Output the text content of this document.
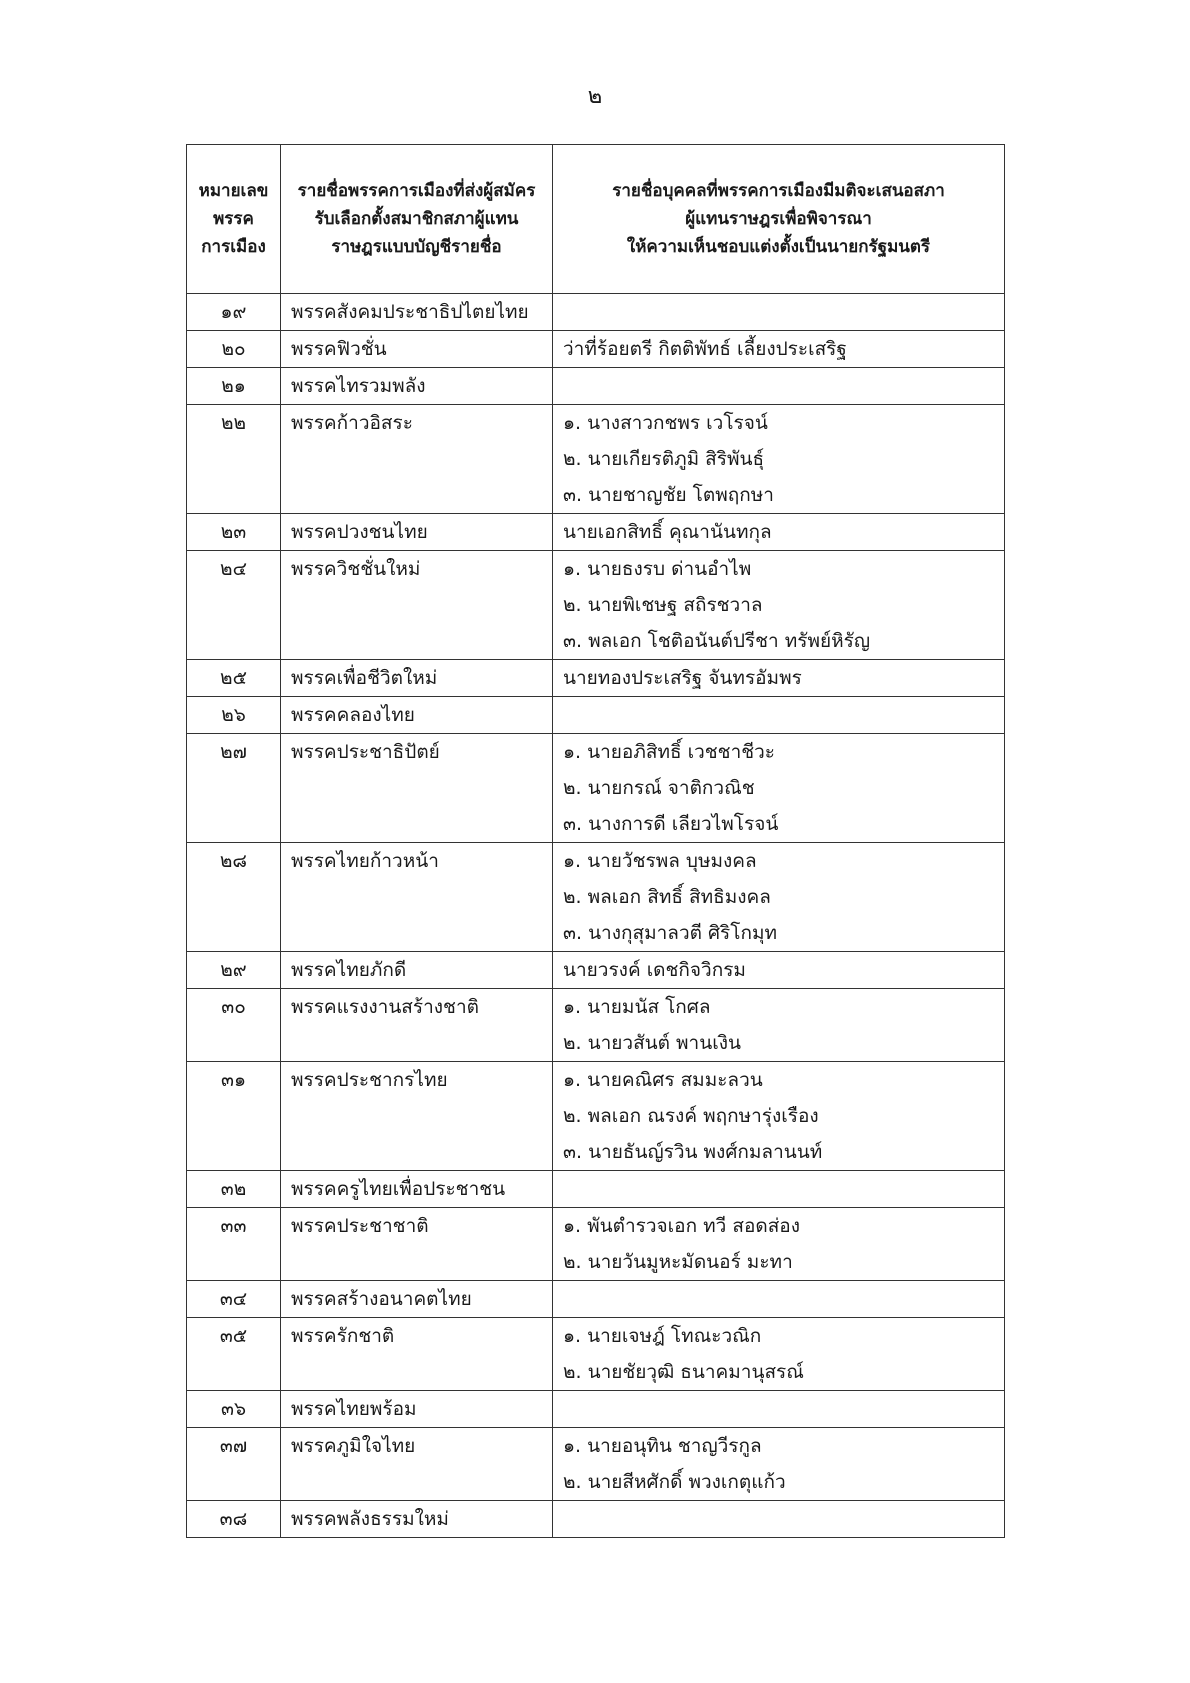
๒
หมายเลข
พรรค
การเมือง	รายชื่อพรรคการเมืองที่ส่งผู้สมัคร
รับเลือกตั้งสมาชิกสภาผู้แทน
ราษฎรแบบบัญชีรายชื่อ	รายชื่อบุคคลที่พรรคการเมืองมีมติจะเสนอสภา
ผู้แทนราษฎรเพื่อพิจารณา
ให้ความเห็นชอบแต่งตั้งเป็นนายกรัฐมนตรี

๑๙	พรรคสังคมประชาธิปไตยไทย	

๒๐	พรรคฟิวชั่น	ว่าที่ร้อยตรี กิตติพัทธ์ เลี้ยงประเสริฐ

๒๑	พรรคไทรวมพลัง	

๒๒	พรรคก้าวอิสระ	๑. นางสาวกชพร เวโรจน์
๒. นายเกียรติภูมิ สิริพันธุ์
๓. นายชาญชัย โตพฤกษา

๒๓	พรรคปวงชนไทย	นายเอกสิทธิ์ คุณานันทกุล

๒๔	พรรควิชชั่นใหม่	๑. นายธงรบ ด่านอำไพ
๒. นายพิเชษฐ สถิรชวาล
๓. พลเอก โชติอนันต์ปรีชา ทรัพย์หิรัญ

๒๕	พรรคเพื่อชีวิตใหม่	นายทองประเสริฐ จันทรอัมพร

๒๖	พรรคคลองไทย	

๒๗	พรรคประชาธิปัตย์	๑. นายอภิสิทธิ์ เวชชาชีวะ
๒. นายกรณ์ จาติกวณิช
๓. นางการดี เลียวไพโรจน์

๒๘	พรรคไทยก้าวหน้า	๑. นายวัชรพล บุษมงคล
๒. พลเอก สิทธิ์ สิทธิมงคล
๓. นางกุสุมาลวตี ศิริโกมุท

๒๙	พรรคไทยภักดี	นายวรงค์ เดชกิจวิกรม

๓๐	พรรคแรงงานสร้างชาติ	๑. นายมนัส โกศล
๒. นายวสันต์ พานเงิน

๓๑	พรรคประชากรไทย	๑. นายคณิศร สมมะลวน
๒. พลเอก ณรงค์ พฤกษารุ่งเรือง
๓. นายธันญ์รวิน พงศ์กมลานนท์

๓๒	พรรคครูไทยเพื่อประชาชน	

๓๓	พรรคประชาชาติ	๑. พันตำรวจเอก ทวี สอดส่อง
๒. นายวันมูหะมัดนอร์ มะทา

๓๔	พรรคสร้างอนาคตไทย	

๓๕	พรรครักชาติ	๑. นายเจษฎ์ โทณะวณิก
๒. นายชัยวุฒิ ธนาคมานุสรณ์

๓๖	พรรคไทยพร้อม	

๓๗	พรรคภูมิใจไทย	๑. นายอนุทิน ชาญวีรกูล
๒. นายสีหศักดิ์ พวงเกตุแก้ว

๓๘	พรรคพลังธรรมใหม่	
